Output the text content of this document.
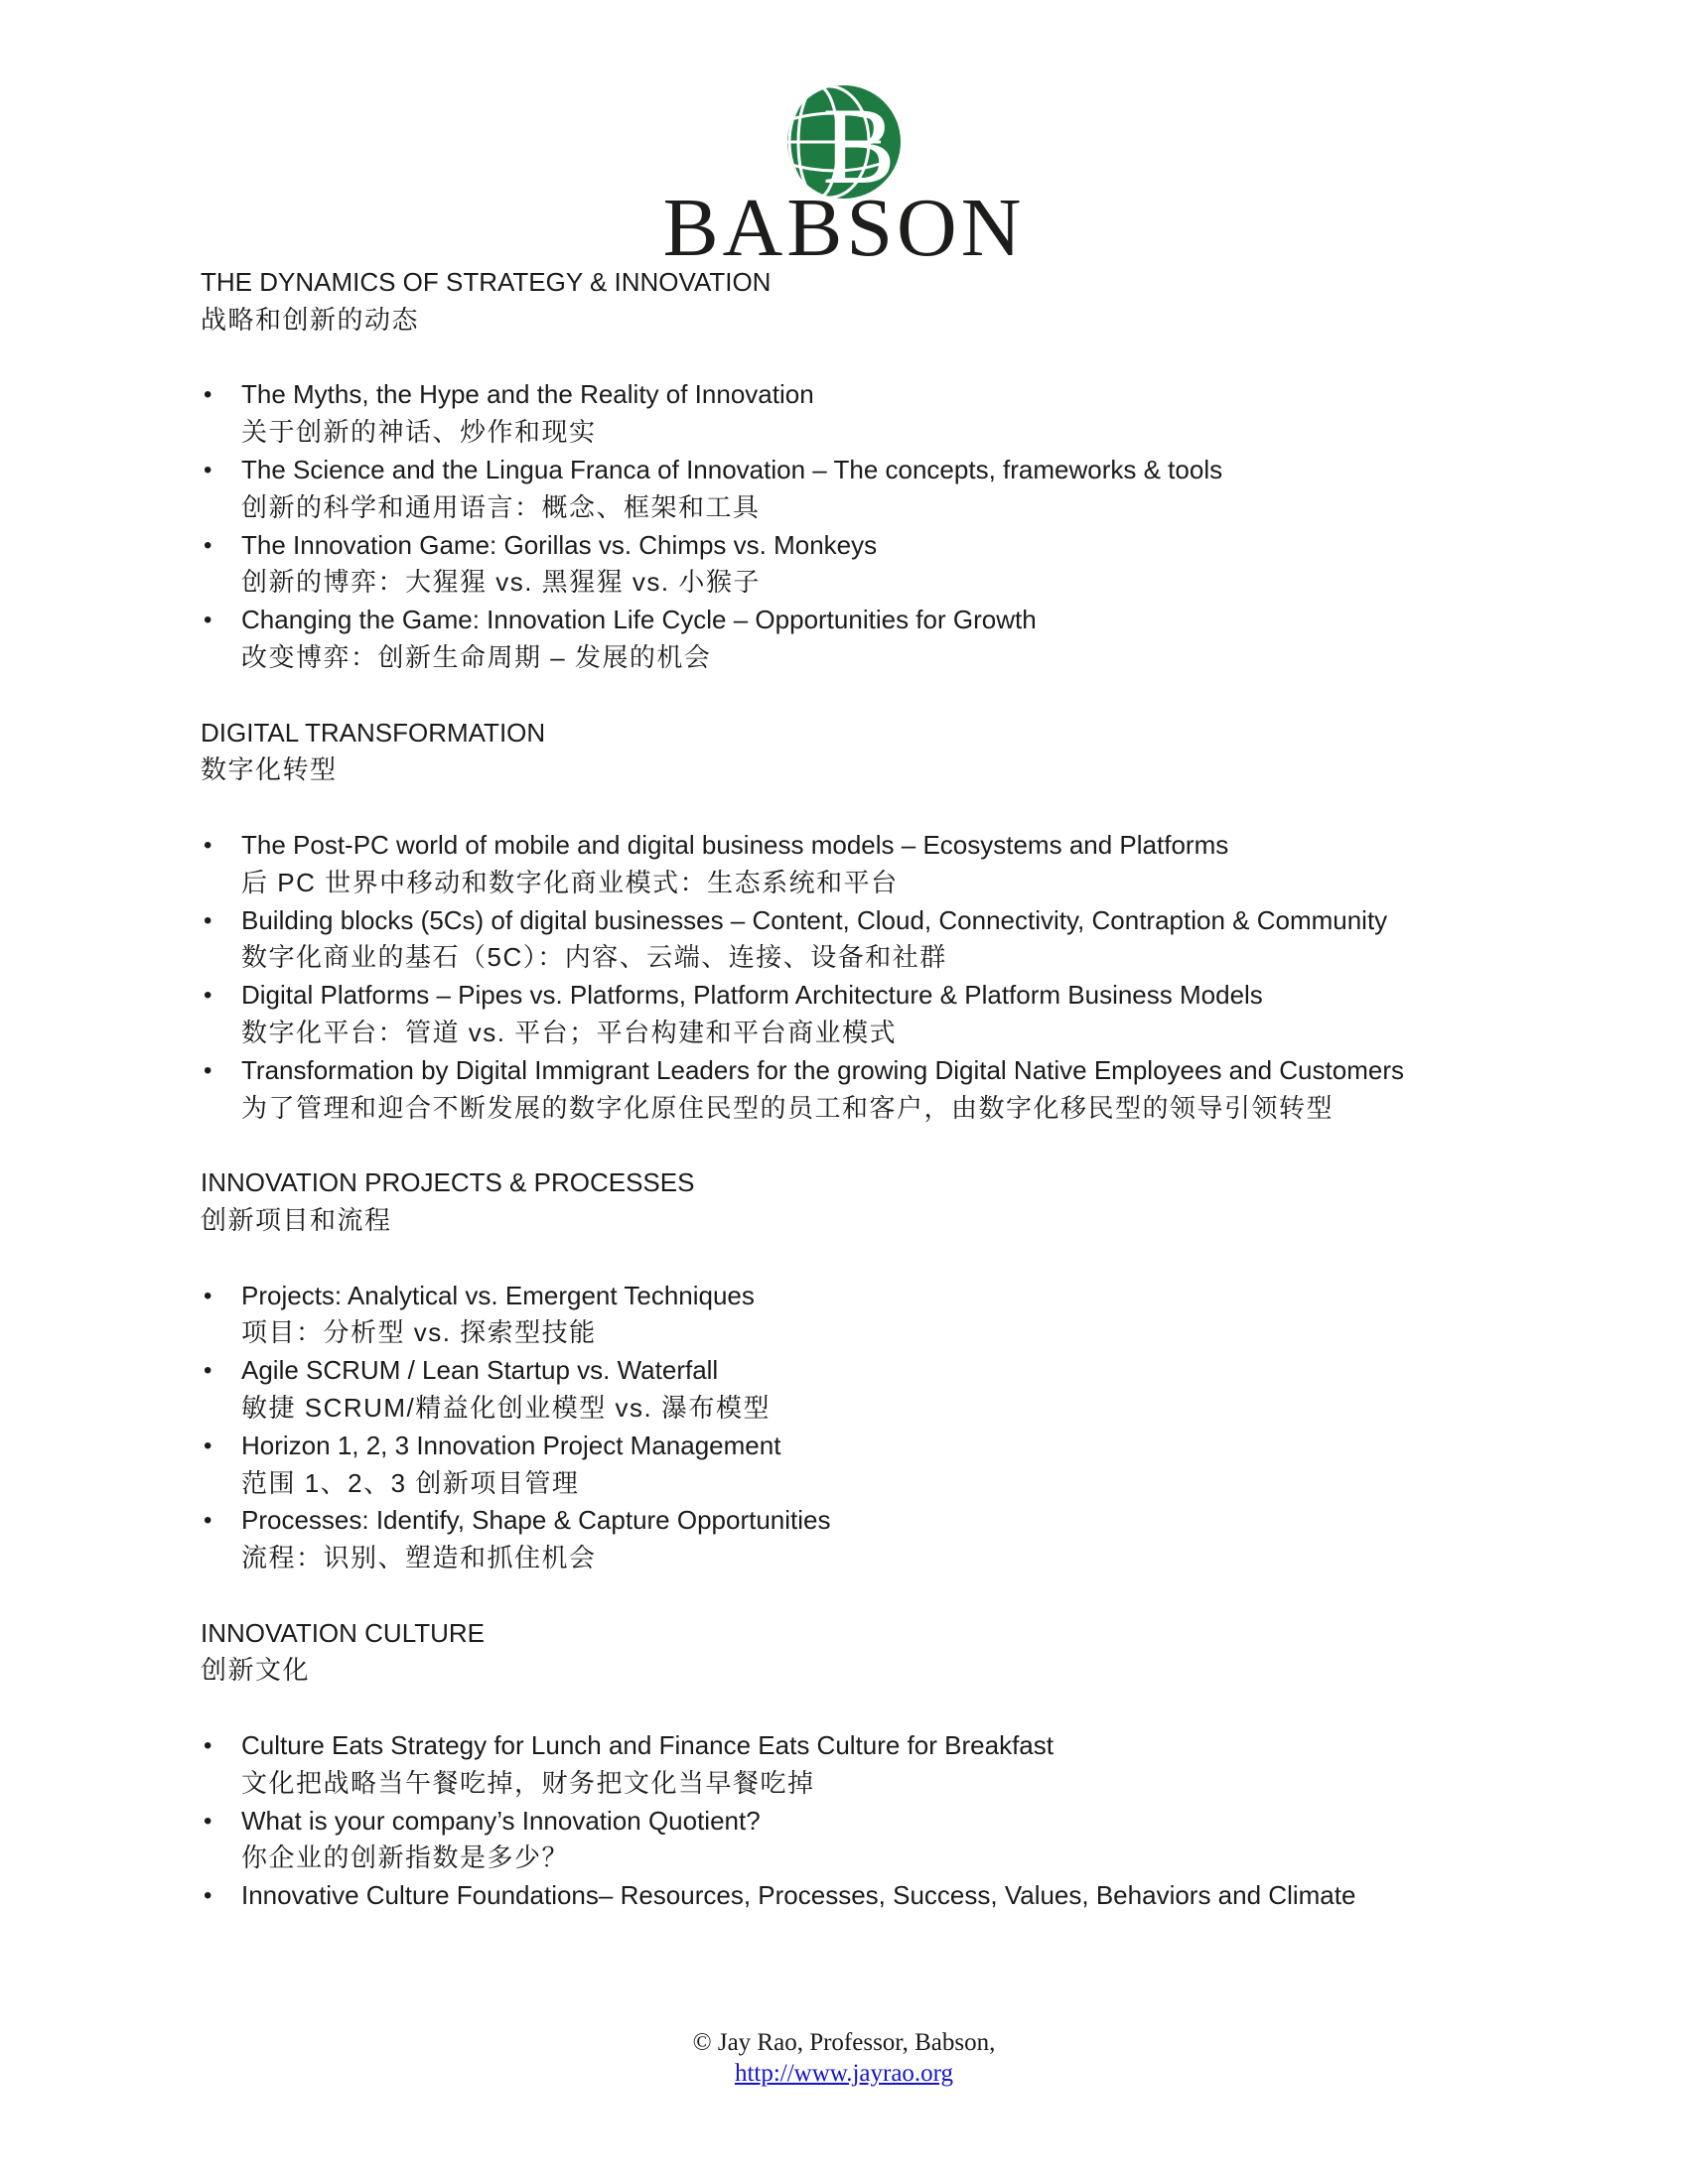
B
BABSON
THE DYNAMICS OF STRATEGY & INNOVATION
战略和创新的动态
•	The Myths, the Hype and the Reality of Innovation
关于创新的神话、炒作和现实
•	The Science and the Lingua Franca of Innovation – The concepts, frameworks & tools
创新的科学和通用语言：概念、框架和工具
•	The Innovation Game: Gorillas vs. Chimps vs. Monkeys
创新的博弈：大猩猩 vs. 黑猩猩 vs. 小猴子
•	Changing the Game: Innovation Life Cycle – Opportunities for Growth
改变博弈：创新生命周期 – 发展的机会
DIGITAL TRANSFORMATION
数字化转型
•	The Post-PC world of mobile and digital business models – Ecosystems and Platforms
后 PC 世界中移动和数字化商业模式：生态系统和平台
•	Building blocks (5Cs) of digital businesses – Content, Cloud, Connectivity, Contraption & Community
数字化商业的基石（5C）：内容、云端、连接、设备和社群
•	Digital Platforms – Pipes vs. Platforms, Platform Architecture & Platform Business Models
数字化平台：管道 vs. 平台；平台构建和平台商业模式
•	Transformation by Digital Immigrant Leaders for the growing Digital Native Employees and Customers
为了管理和迎合不断发展的数字化原住民型的员工和客户，由数字化移民型的领导引领转型
INNOVATION PROJECTS & PROCESSES
创新项目和流程
•	Projects: Analytical vs. Emergent Techniques
项目：分析型 vs. 探索型技能
•	Agile SCRUM / Lean Startup vs. Waterfall
敏捷 SCRUM/精益化创业模型 vs. 瀑布模型
•	Horizon 1, 2, 3 Innovation Project Management
范围 1、2、3 创新项目管理
•	Processes: Identify, Shape & Capture Opportunities
流程：识别、塑造和抓住机会
INNOVATION CULTURE
创新文化
•	Culture Eats Strategy for Lunch and Finance Eats Culture for Breakfast
文化把战略当午餐吃掉，财务把文化当早餐吃掉
•	What is your company’s Innovation Quotient?
你企业的创新指数是多少？
•	Innovative Culture Foundations– Resources, Processes, Success, Values, Behaviors and Climate
© Jay Rao, Professor, Babson,
http://www.jayrao.org
